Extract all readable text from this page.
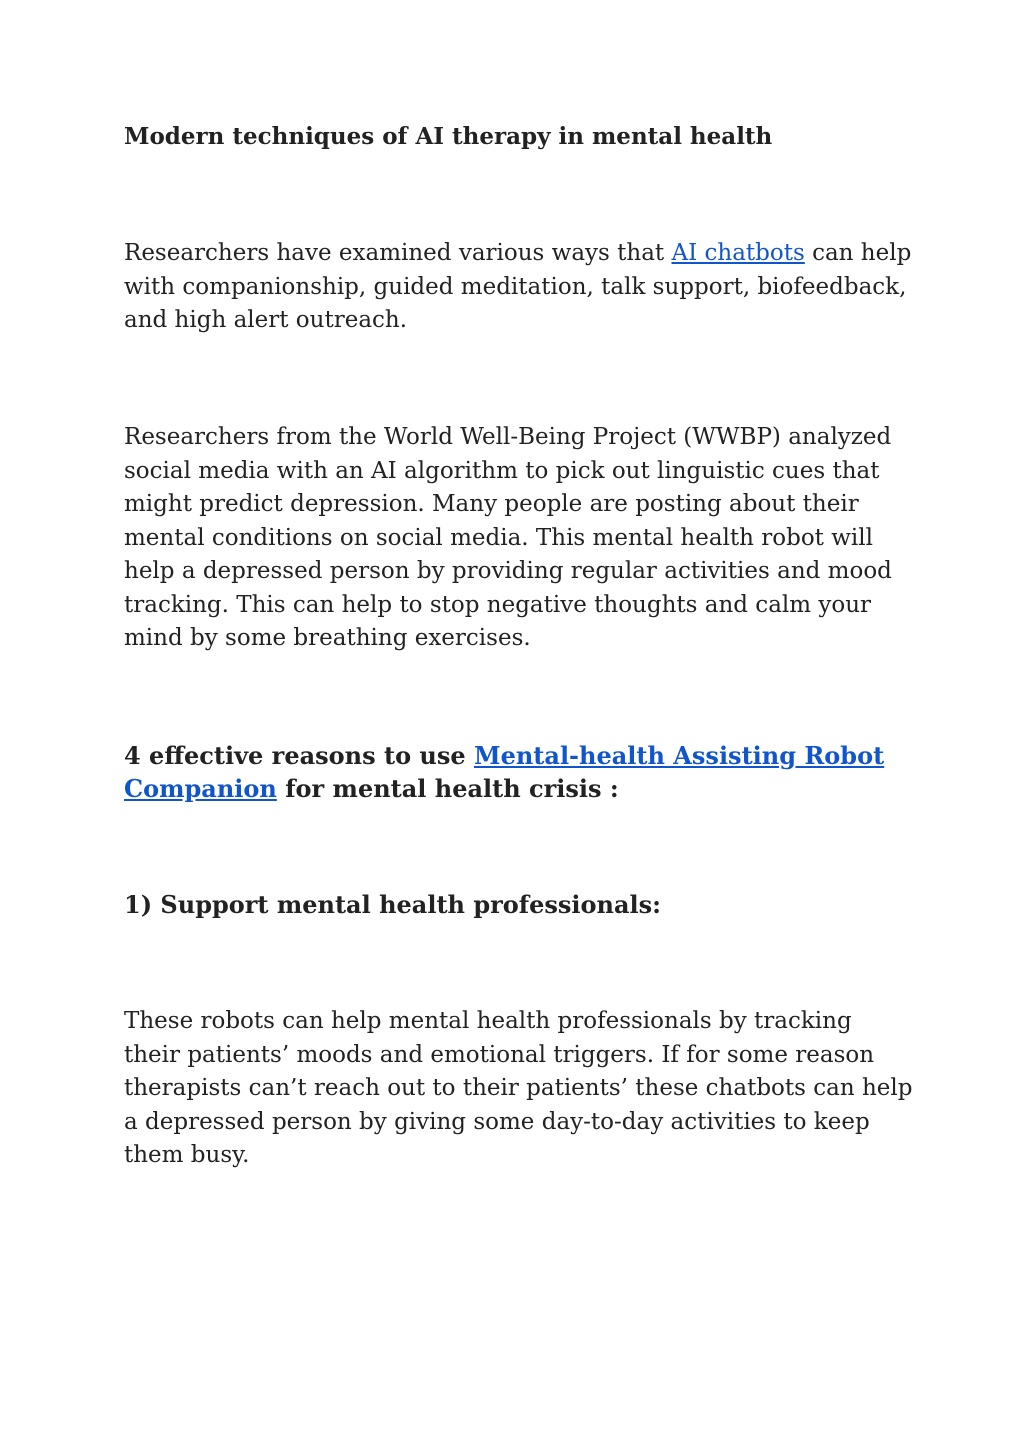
Modern techniques of AI therapy in mental health

Researchers have examined various ways that AI chatbots can help with companionship, guided meditation, talk support, biofeedback, and high alert outreach.

Researchers from the World Well-Being Project (WWBP) analyzed social media with an AI algorithm to pick out linguistic cues that might predict depression. Many people are posting about their mental conditions on social media. This mental health robot will help a depressed person by providing regular activities and mood tracking. This can help to stop negative thoughts and calm your mind by some breathing exercises.

4 effective reasons to use Mental-health Assisting Robot Companion for mental health crisis :
1) Support mental health professionals:

These robots can help mental health professionals by tracking their patients’ moods and emotional triggers. If for some reason therapists can’t reach out to their patients’ these chatbots can help a depressed person by giving some day-to-day activities to keep them busy.
